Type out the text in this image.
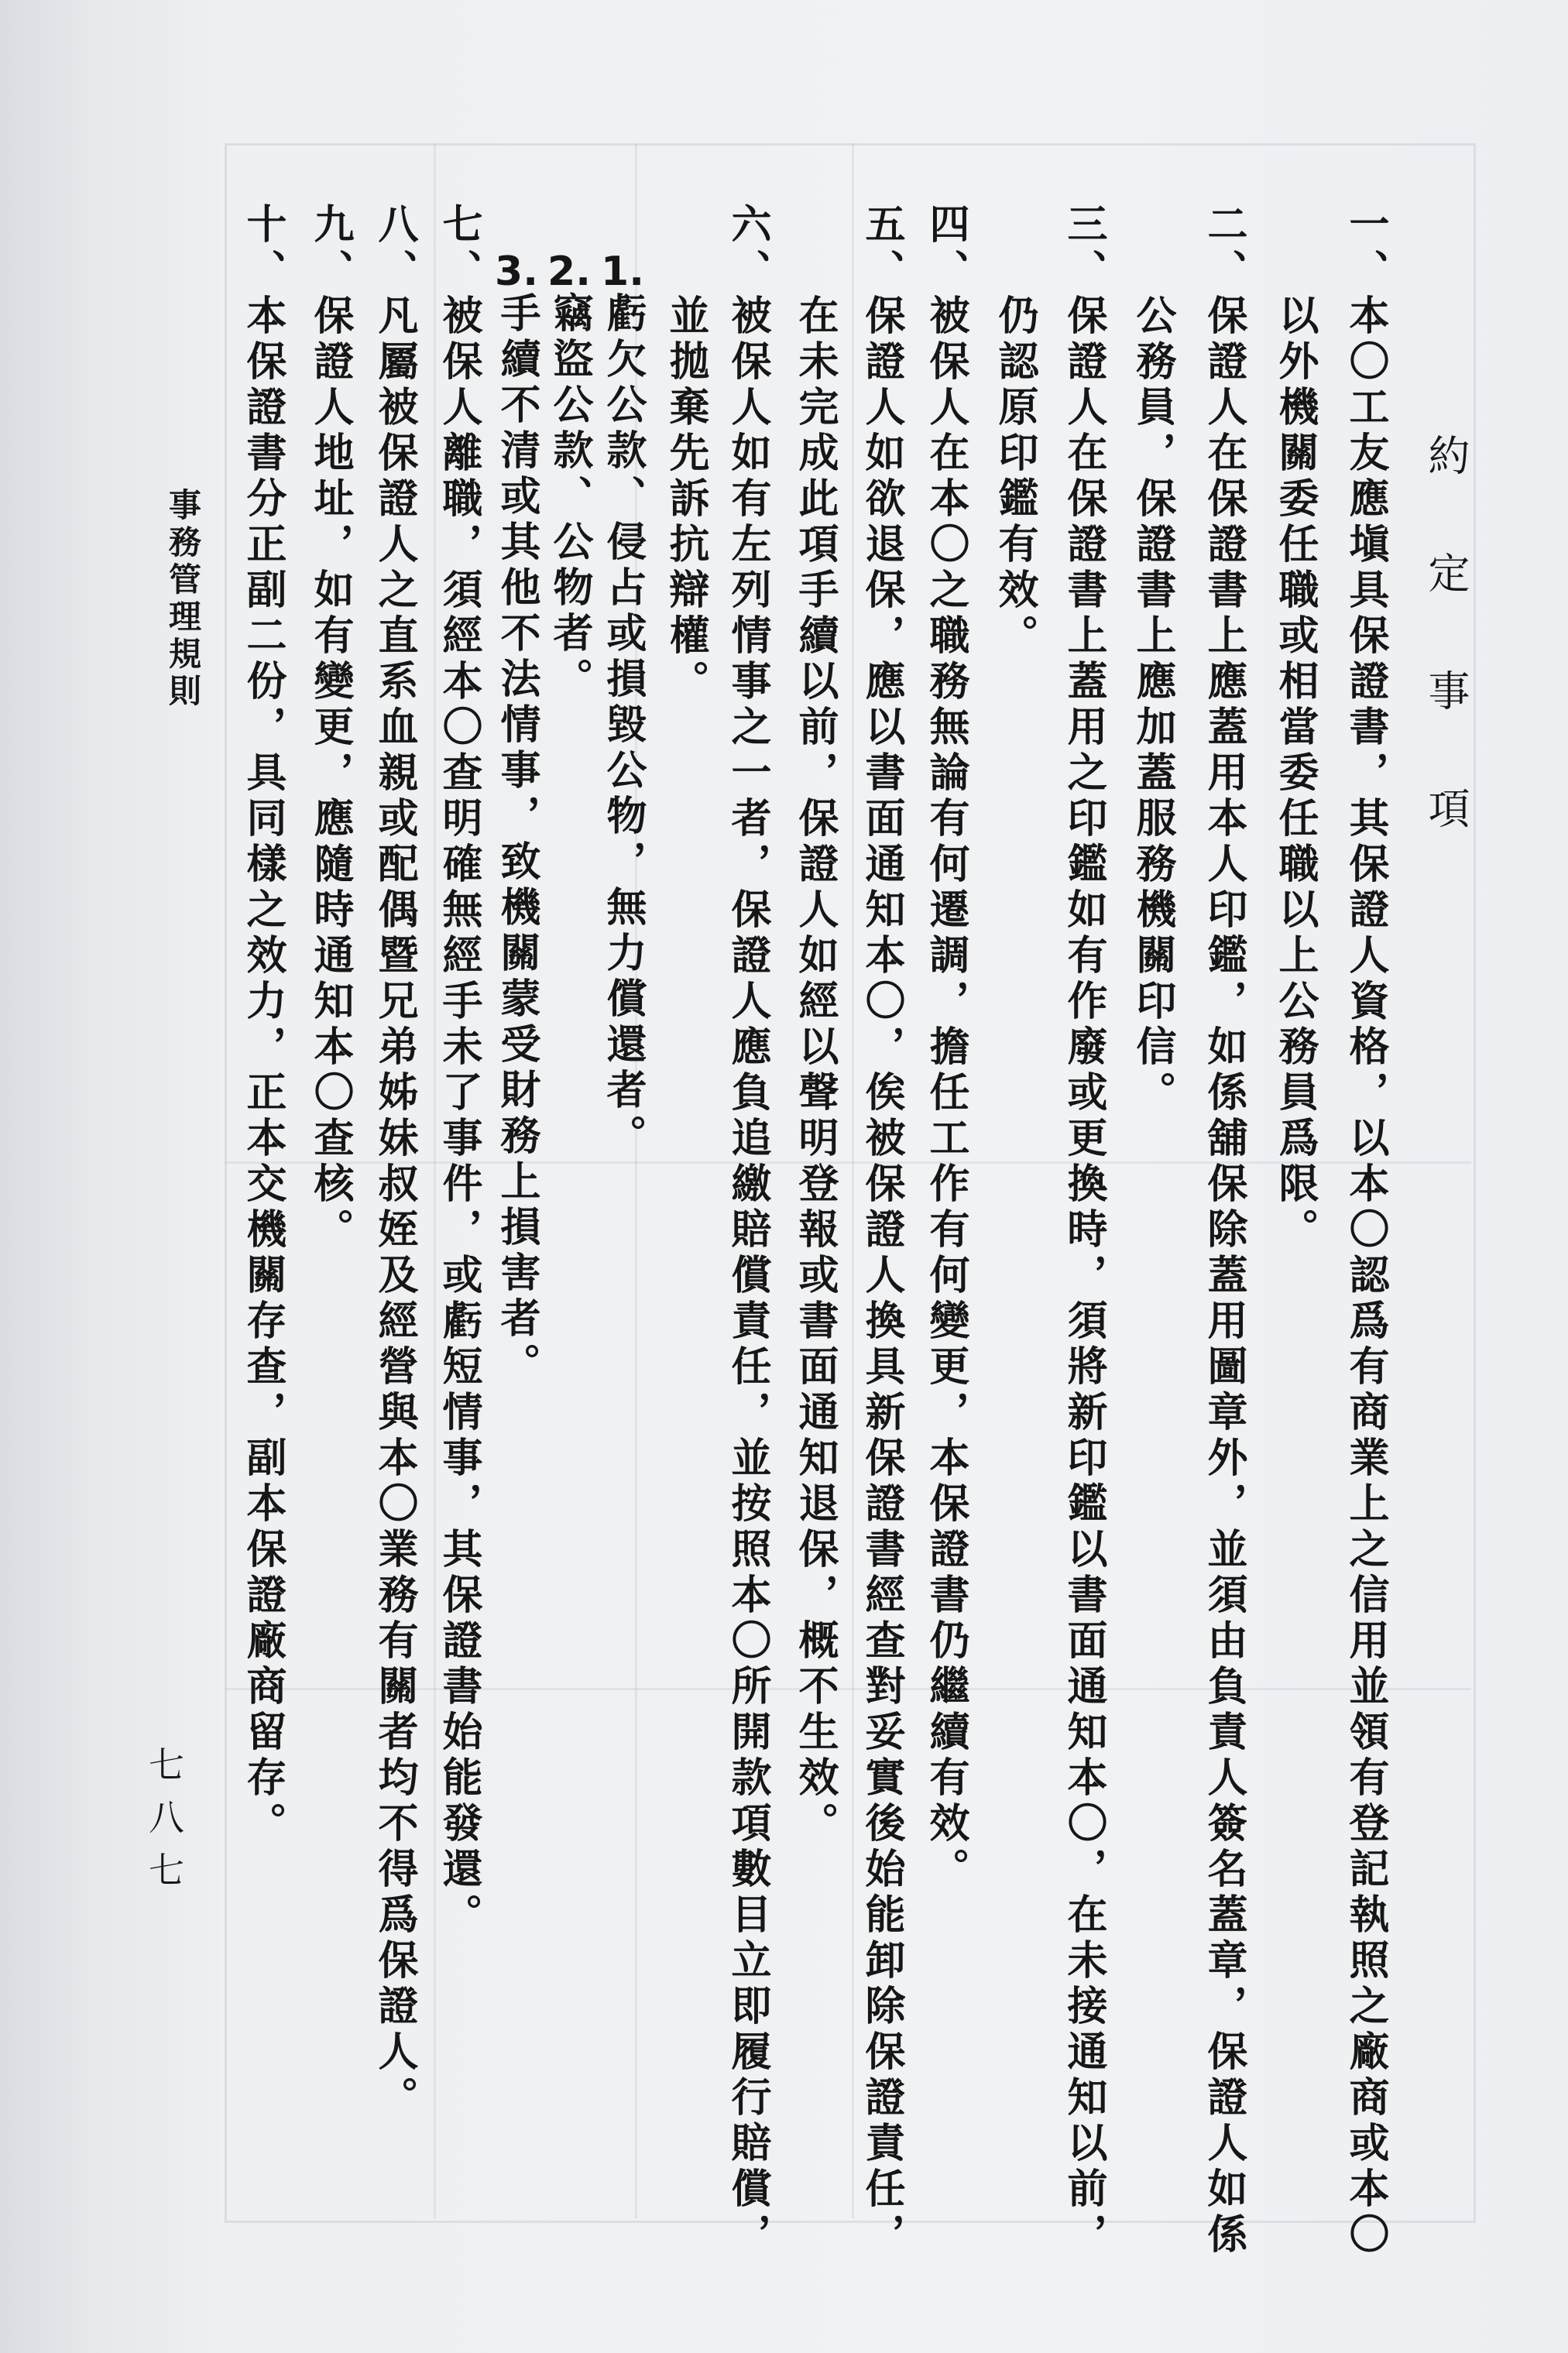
約定事項
一、本〇工友應塡具保證書，其保證人資格，以本〇認爲有商業上之信用並領有登記執照之廠商或本〇
以外機關委任職或相當委任職以上公務員爲限。
二、保證人在保證書上應蓋用本人印鑑，如係舖保除蓋用圖章外，並須由負責人簽名蓋章，保證人如係
公務員，保證書上應加蓋服務機關印信。
三、保證人在保證書上蓋用之印鑑如有作廢或更換時，須將新印鑑以書面通知本〇，在未接通知以前，
仍認原印鑑有效。
四、被保人在本〇之職務無論有何遷調，擔任工作有何變更，本保證書仍繼續有效。
五、保證人如欲退保，應以書面通知本〇，俟被保證人換具新保證書經查對妥實後始能卸除保證責任，
在未完成此項手續以前，保證人如經以聲明登報或書面通知退保，概不生效。
六、被保人如有左列情事之一者，保證人應負追繳賠償責任，並按照本〇所開款項數目立即履行賠償，
並拋棄先訴抗辯權。
1.虧欠公款、侵占或損毀公物，無力償還者。
2.竊盜公款、公物者。
3.手續不清或其他不法情事，致機關蒙受財務上損害者。
七、被保人離職，須經本〇查明確無經手未了事件，或虧短情事，其保證書始能發還。
八、凡屬被保證人之直系血親或配偶暨兄弟姊妹叔姪及經營與本〇業務有關者均不得爲保證人。
九、保證人地址，如有變更，應隨時通知本〇查核。
十、本保證書分正副二份，具同樣之效力，正本交機關存查，副本保證廠商留存。
事務管理規則
七八七
